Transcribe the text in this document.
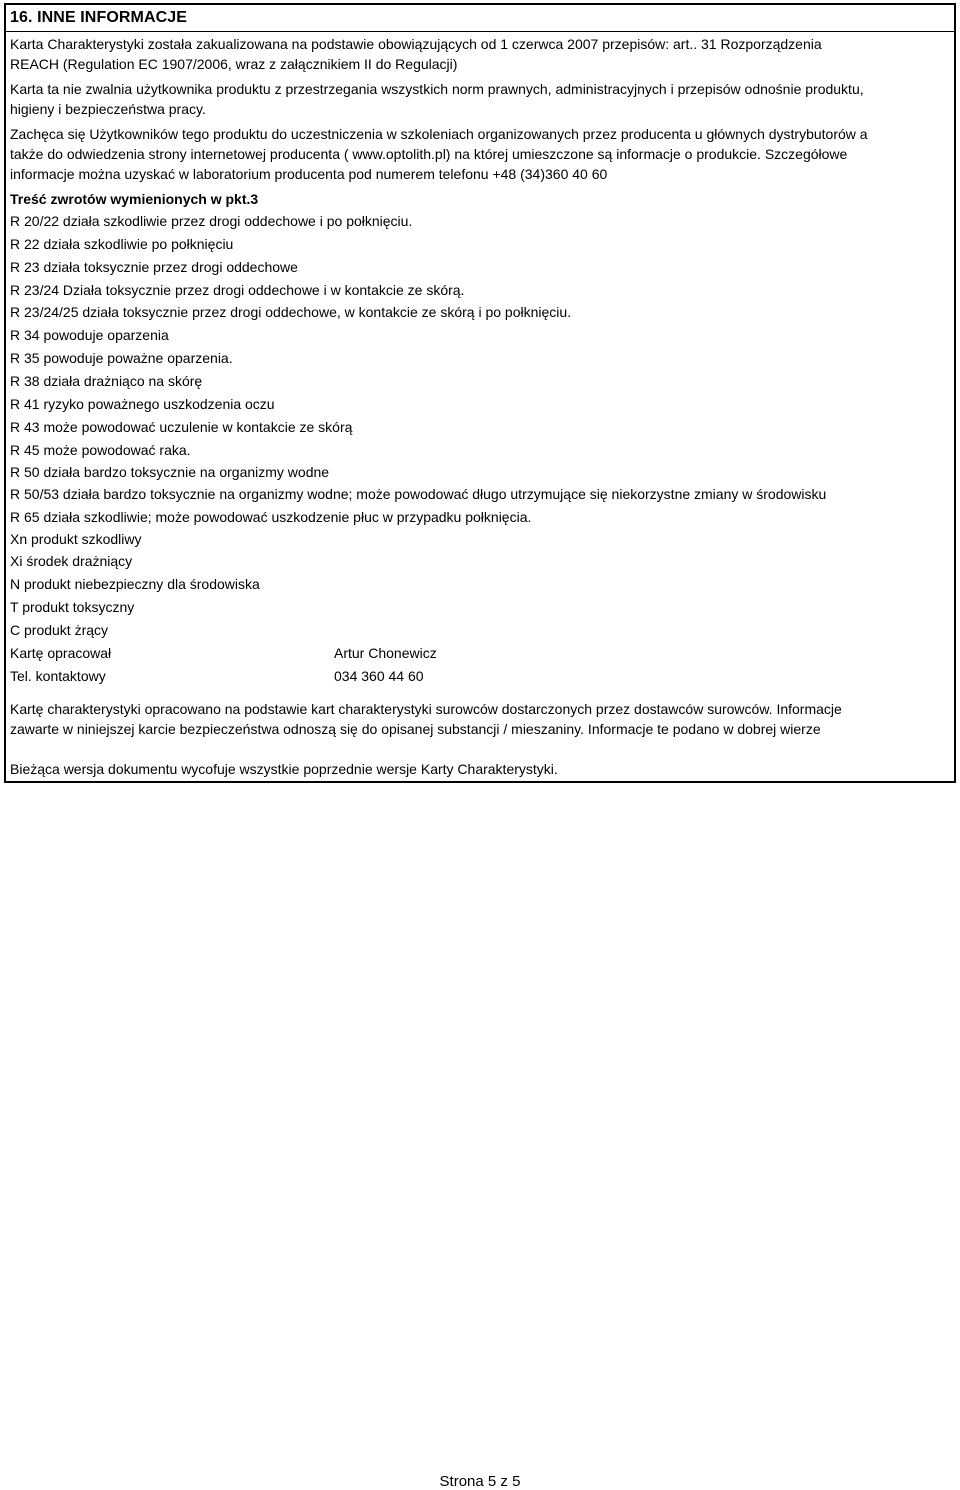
16. INNE INFORMACJE
Karta Charakterystyki została zakualizowana na podstawie obowiązujących od 1 czerwca 2007 przepisów: art.. 31 Rozporządzenia
REACH (Regulation EC 1907/2006, wraz z załącznikiem II do Regulacji)
Karta ta nie zwalnia użytkownika produktu z przestrzegania wszystkich norm prawnych, administracyjnych i przepisów odnośnie produktu,
higieny i bezpieczeństwa pracy.
Zachęca się Użytkowników tego produktu do uczestniczenia w szkoleniach organizowanych przez producenta u głównych dystrybutorów a
także do odwiedzenia strony internetowej producenta ( www.optolith.pl) na której umieszczone są informacje o produkcie. Szczegółowe
informacje można uzyskać w laboratorium producenta pod numerem telefonu +48 (34)360 40 60
Treść zwrotów wymienionych w pkt.3
R 20/22 działa szkodliwie przez drogi oddechowe i po połknięciu.
R 22 działa szkodliwie po połknięciu
R 23 działa toksycznie przez drogi oddechowe
R 23/24 Działa toksycznie przez drogi oddechowe i w kontakcie ze skórą.
R 23/24/25 działa toksycznie przez drogi oddechowe, w kontakcie ze skórą i po połknięciu.
R 34 powoduje oparzenia
R 35 powoduje poważne oparzenia.
R 38 działa drażniąco na skórę
R 41 ryzyko poważnego uszkodzenia oczu
R 43 może powodować uczulenie w kontakcie ze skórą
R 45 może powodować raka.
R 50 działa bardzo toksycznie na organizmy wodne
R 50/53 działa bardzo toksycznie na organizmy wodne; może powodować długo utrzymujące się niekorzystne zmiany w środowisku
R 65 działa szkodliwie; może powodować uszkodzenie płuc w przypadku połknięcia.
Xn produkt szkodliwy
Xi środek drażniący
N produkt niebezpieczny dla środowiska
T produkt toksyczny
C produkt żrący
Kartę opracował	Artur Chonewicz
Tel. kontaktowy	034 360 44 60
Kartę charakterystyki opracowano na podstawie kart charakterystyki surowców dostarczonych przez dostawców surowców. Informacje
zawarte w niniejszej karcie bezpieczeństwa odnoszą się do opisanej substancji / mieszaniny. Informacje te podano w dobrej wierze
Bieżąca wersja dokumentu wycofuje wszystkie poprzednie wersje Karty Charakterystyki.
Strona 5 z 5
